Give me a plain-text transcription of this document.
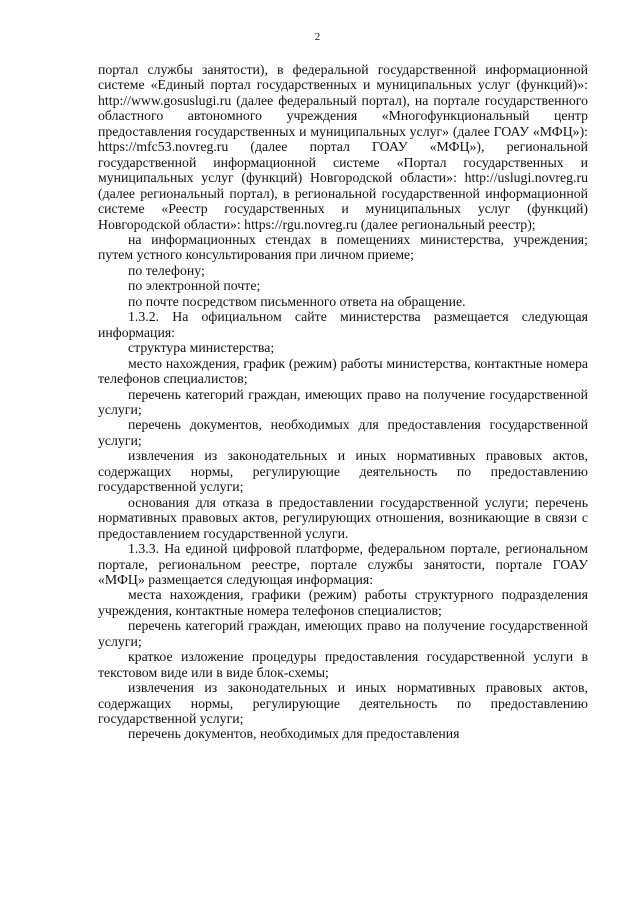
2

портал службы занятости), в федеральной государственной информационной системе «Единый портал государственных и муниципальных услуг (функций)»: http://www.gosuslugi.ru (далее федеральный портал), на портале государственного областного автономного учреждения «Многофункциональный центр предоставления государственных и муниципальных услуг» (далее ГОАУ «МФЦ»): https://mfc53.novreg.ru (далее портал ГОАУ «МФЦ»), региональной государственной информационной системе «Портал государственных и муниципальных услуг (функций) Новгородской области»: http://uslugi.novreg.ru (далее региональный портал), в региональной государственной информационной системе «Реестр государственных и муниципальных услуг (функций) Новгородской области»: https://rgu.novreg.ru (далее региональный реестр);

на информационных стендах в помещениях министерства, учреждения; путем устного консультирования при личном приеме;

по телефону;

по электронной почте;

по почте посредством письменного ответа на обращение.

1.3.2. На официальном сайте министерства размещается следующая информация:

структура министерства;

место нахождения, график (режим) работы министерства, контактные номера телефонов специалистов;

перечень категорий граждан, имеющих право на получение государственной услуги;

перечень документов, необходимых для предоставления государственной услуги;

извлечения из законодательных и иных нормативных правовых актов, содержащих нормы, регулирующие деятельность по предоставлению государственной услуги;

основания для отказа в предоставлении государственной услуги; перечень нормативных правовых актов, регулирующих отношения, возникающие в связи с предоставлением государственной услуги.

1.3.3. На единой цифровой платформе, федеральном портале, региональном портале, региональном реестре, портале службы занятости, портале ГОАУ «МФЦ» размещается следующая информация:

места нахождения, графики (режим) работы структурного подразделения учреждения, контактные номера телефонов специалистов;

перечень категорий граждан, имеющих право на получение государственной услуги;

краткое изложение процедуры предоставления государственной услуги в текстовом виде или в виде блок-схемы;

извлечения из законодательных и иных нормативных правовых актов, содержащих нормы, регулирующие деятельность по предоставлению государственной услуги;

перечень документов, необходимых для предоставления
